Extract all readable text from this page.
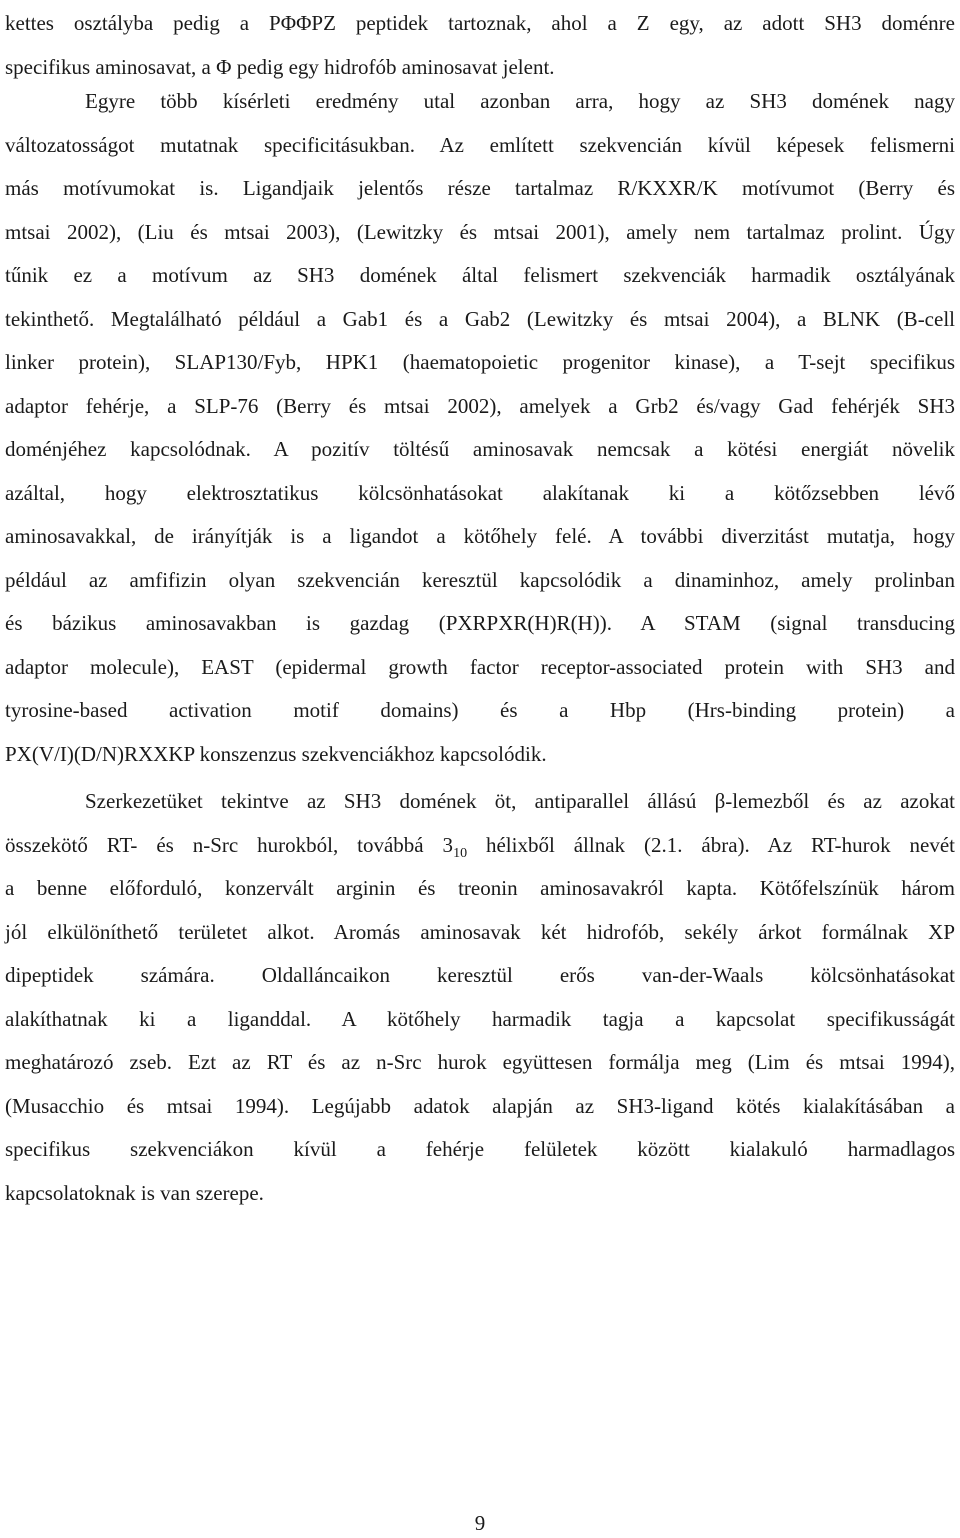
kettes osztályba pedig a PΦΦPZ peptidek tartoznak, ahol a Z egy, az adott SH3 doménre
specifikus aminosavat, a Φ pedig egy hidrofób aminosavat jelent.
Egyre több kísérleti eredmény utal azonban arra, hogy az SH3 domének nagy
változatosságot mutatnak specificitásukban. Az említett szekvencián kívül képesek felismerni
más motívumokat is. Ligandjaik jelentős része tartalmaz R/KXXR/K motívumot (Berry és
mtsai 2002), (Liu és mtsai 2003), (Lewitzky és mtsai 2001), amely nem tartalmaz prolint. Úgy
tűnik ez a motívum az SH3 domének által felismert szekvenciák harmadik osztályának
tekinthető. Megtalálható például a Gab1 és a Gab2 (Lewitzky és mtsai 2004), a BLNK (B-cell
linker protein), SLAP130/Fyb, HPK1 (haematopoietic progenitor kinase), a T-sejt specifikus
adaptor fehérje, a SLP-76 (Berry és mtsai 2002), amelyek a Grb2 és/vagy Gad fehérjék SH3
doménjéhez kapcsolódnak. A pozitív töltésű aminosavak nemcsak a kötési energiát növelik
azáltal, hogy elektrosztatikus kölcsönhatásokat alakítanak ki a kötőzsebben lévő
aminosavakkal, de irányítják is a ligandot a kötőhely felé. A további diverzitást mutatja, hogy
például az amfifizin olyan szekvencián keresztül kapcsolódik a dinaminhoz, amely prolinban
és bázikus aminosavakban is gazdag (PXRPXR(H)R(H)). A STAM (signal transducing
adaptor molecule), EAST (epidermal growth factor receptor-associated protein with SH3 and
tyrosine-based activation motif domains) és a Hbp (Hrs-binding protein) a
PX(V/I)(D/N)RXXKP konszenzus szekvenciákhoz kapcsolódik.
Szerkezetüket tekintve az SH3 domének öt, antiparallel állású β-lemezből és az azokat
összekötő RT- és n-Src hurokból, továbbá $3_{10}$ hélixből állnak (2.1. ábra). Az RT-hurok nevét
a benne előforduló, konzervált arginin és treonin aminosavakról kapta. Kötőfelszínük három
jól elkülöníthető területet alkot. Aromás aminosavak két hidrofób, sekély árkot formálnak XP
dipeptidek számára. Oldalláncaikon keresztül erős van-der-Waals kölcsönhatásokat
alakíthatnak ki a liganddal. A kötőhely harmadik tagja a kapcsolat specifikusságát
meghatározó zseb. Ezt az RT és az n-Src hurok együttesen formálja meg (Lim és mtsai 1994),
(Musacchio és mtsai 1994). Legújabb adatok alapján az SH3-ligand kötés kialakításában a
specifikus szekvenciákon kívül a fehérje felületek között kialakuló harmadlagos
kapcsolatoknak is van szerepe.
9
